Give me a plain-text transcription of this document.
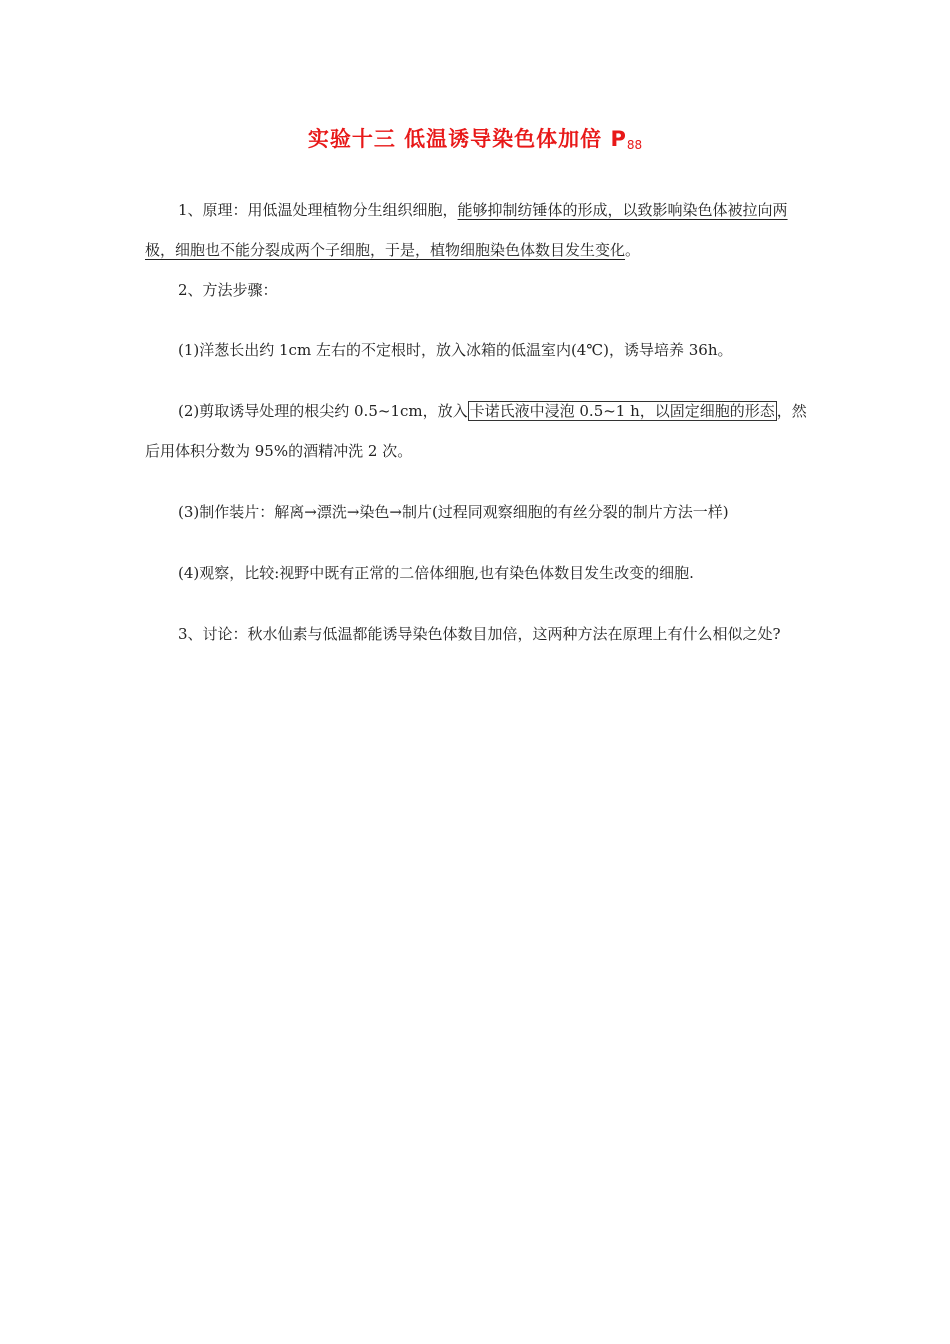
实验十三 低温诱导染色体加倍 $P_{88}$

1、原理：用低温处理植物分生组织细胞，能够抑制纺锤体的形成，以致影响染色体被拉向两极，细胞也不能分裂成两个子细胞，于是，植物细胞染色体数目发生变化。

2、方法步骤：

(1)洋葱长出约 1cm 左右的不定根时，放入冰箱的低温室内(4℃)，诱导培养 36h。

(2)剪取诱导处理的根尖约 0.5~1cm，放入 卡诺氏液中浸泡 0.5~1 h，以固定细胞的形态 ，然后用体积分数为 95%的酒精冲洗 2 次。

(3)制作装片：解离→漂洗→染色→制片(过程同观察细胞的有丝分裂的制片方法一样)

(4)观察，比较:视野中既有正常的二倍体细胞,也有染色体数目发生改变的细胞.

3、讨论：秋水仙素与低温都能诱导染色体数目加倍，这两种方法在原理上有什么相似之处?
